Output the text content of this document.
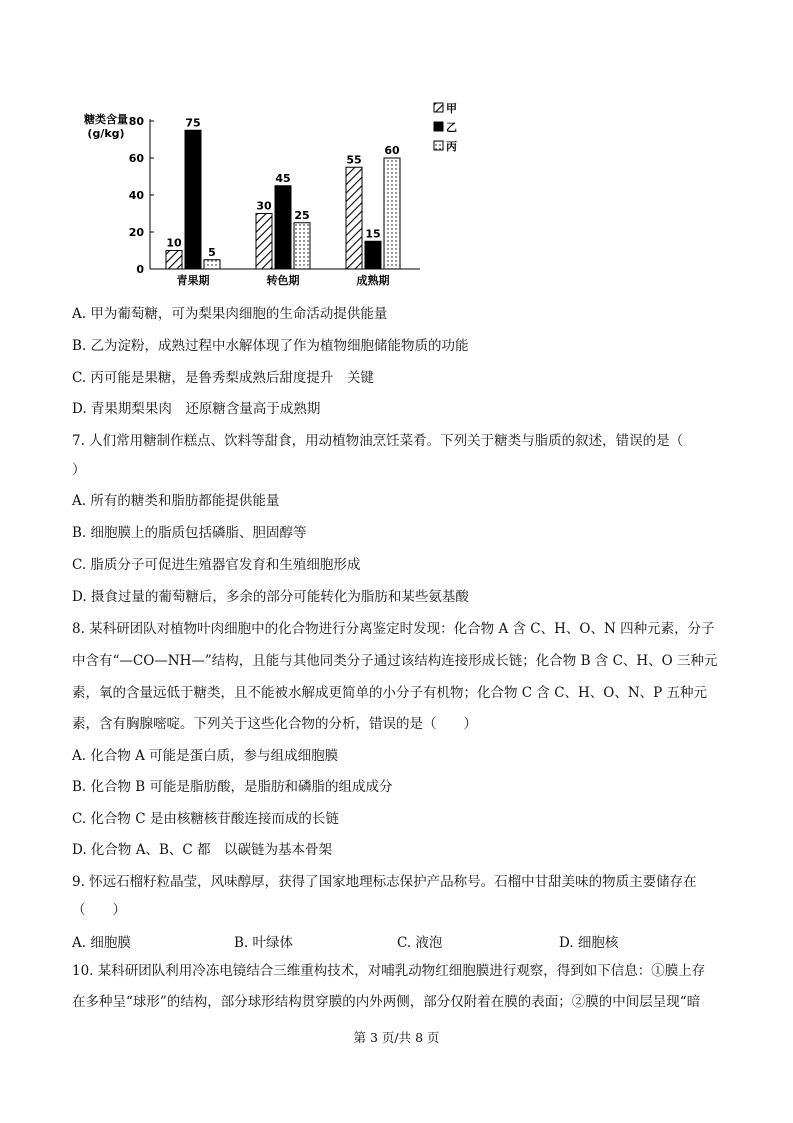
糖类含量
(g/kg)
0
20
40
60
80
10
75
5
青果期
30
45
25
转色期
55
15
60
成熟期
甲
乙
丙
A. 甲为葡萄糖，可为梨果肉细胞的生命活动提供能量
B. 乙为淀粉，成熟过程中水解体现了作为植物细胞储能物质的功能
C. 丙可能是果糖，是鲁秀梨成熟后甜度提升　关键
D. 青果期梨果肉　还原糖含量高于成熟期
7. 人们常用糖制作糕点、饮料等甜食，用动植物油烹饪菜肴。下列关于糖类与脂质的叙述，错误的是（
）
A. 所有的糖类和脂肪都能提供能量
B. 细胞膜上的脂质包括磷脂、胆固醇等
C. 脂质分子可促进生殖器官发育和生殖细胞形成
D. 摄食过量的葡萄糖后，多余的部分可能转化为脂肪和某些氨基酸
8. 某科研团队对植物叶肉细胞中的化合物进行分离鉴定时发现：化合物 A 含 C、H、O、N 四种元素，分子
中含有“—CO—NH—”结构，且能与其他同类分子通过该结构连接形成长链；化合物 B 含 C、H、O 三种元
素，氧的含量远低于糖类，且不能被水解成更简单的小分子有机物；化合物 C 含 C、H、O、N、P 五种元
素，含有胸腺嘧啶。下列关于这些化合物的分析，错误的是（　　）
A. 化合物 A 可能是蛋白质，参与组成细胞膜
B. 化合物 B 可能是脂肪酸，是脂肪和磷脂的组成成分
C. 化合物 C 是由核糖核苷酸连接而成的长链
D. 化合物 A、B、C 都　以碳链为基本骨架
9. 怀远石榴籽粒晶莹，风味醇厚，获得了国家地理标志保护产品称号。石榴中甘甜美味的物质主要储存在
（　　）
A. 细胞膜	B. 叶绿体	C. 液泡	D. 细胞核
10. 某科研团队利用冷冻电镜结合三维重构技术，对哺乳动物红细胞膜进行观察，得到如下信息：①膜上存
在多种呈“球形”的结构，部分球形结构贯穿膜的内外两侧，部分仅附着在膜的表面；②膜的中间层呈现“暗
第 3 页/共 8 页
